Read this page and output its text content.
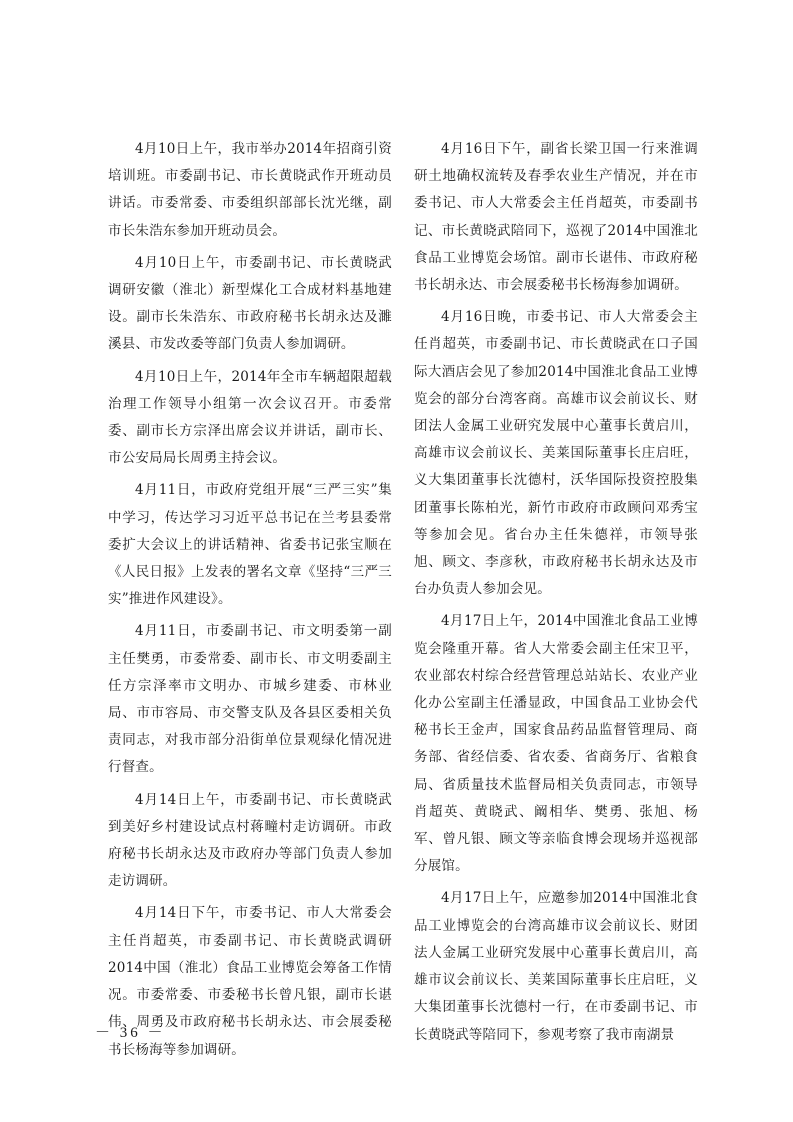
4月10日上午，我市举办2014年招商引资培训班。市委副书记、市长黄晓武作开班动员讲话。市委常委、市委组织部部长沈光继，副市长朱浩东参加开班动员会。

4月10日上午，市委副书记、市长黄晓武调研安徽（淮北）新型煤化工合成材料基地建设。副市长朱浩东、市政府秘书长胡永达及濉溪县、市发改委等部门负责人参加调研。

4月10日上午，2014年全市车辆超限超载治理工作领导小组第一次会议召开。市委常委、副市长方宗泽出席会议并讲话，副市长、市公安局局长周勇主持会议。

4月11日，市政府党组开展“三严三实”集中学习，传达学习习近平总书记在兰考县委常委扩大会议上的讲话精神、省委书记张宝顺在《人民日报》上发表的署名文章《坚持“三严三实”推进作风建设》。

4月11日，市委副书记、市文明委第一副主任樊勇，市委常委、副市长、市文明委副主任方宗泽率市文明办、市城乡建委、市林业局、市市容局、市交警支队及各县区委相关负责同志，对我市部分沿街单位景观绿化情况进行督查。

4月14日上午，市委副书记、市长黄晓武到美好乡村建设试点村蒋疃村走访调研。市政府秘书长胡永达及市政府办等部门负责人参加走访调研。

4月14日下午，市委书记、市人大常委会主任肖超英，市委副书记、市长黄晓武调研2014中国（淮北）食品工业博览会筹备工作情况。市委常委、市委秘书长曾凡银，副市长谌伟、周勇及市政府秘书长胡永达、市会展委秘书长杨海等参加调研。

4月16日下午，副省长梁卫国一行来淮调研土地确权流转及春季农业生产情况，并在市委书记、市人大常委会主任肖超英，市委副书记、市长黄晓武陪同下，巡视了2014中国淮北食品工业博览会场馆。副市长谌伟、市政府秘书长胡永达、市会展委秘书长杨海参加调研。

4月16日晚，市委书记、市人大常委会主任肖超英，市委副书记、市长黄晓武在口子国际大酒店会见了参加2014中国淮北食品工业博览会的部分台湾客商。高雄市议会前议长、财团法人金属工业研究发展中心董事长黄启川，高雄市议会前议长、美莱国际董事长庄启旺，义大集团董事长沈德村，沃华国际投资控股集团董事长陈柏光，新竹市政府市政顾问邓秀宝等参加会见。省台办主任朱德祥，市领导张旭、顾文、李彦秋，市政府秘书长胡永达及市台办负责人参加会见。

4月17日上午，2014中国淮北食品工业博览会隆重开幕。省人大常委会副主任宋卫平，农业部农村综合经营管理总站站长、农业产业化办公室副主任潘显政，中国食品工业协会代秘书长王金声，国家食品药品监督管理局、商务部、省经信委、省农委、省商务厅、省粮食局、省质量技术监督局相关负责同志，市领导肖超英、黄晓武、阚相华、樊勇、张旭、杨军、曾凡银、顾文等亲临食博会现场并巡视部分展馆。

4月17日上午，应邀参加2014中国淮北食品工业博览会的台湾高雄市议会前议长、财团法人金属工业研究发展中心董事长黄启川，高雄市议会前议长、美莱国际董事长庄启旺，义大集团董事长沈德村一行，在市委副书记、市长黄晓武等陪同下，参观考察了我市南湖景

－ 36 －
